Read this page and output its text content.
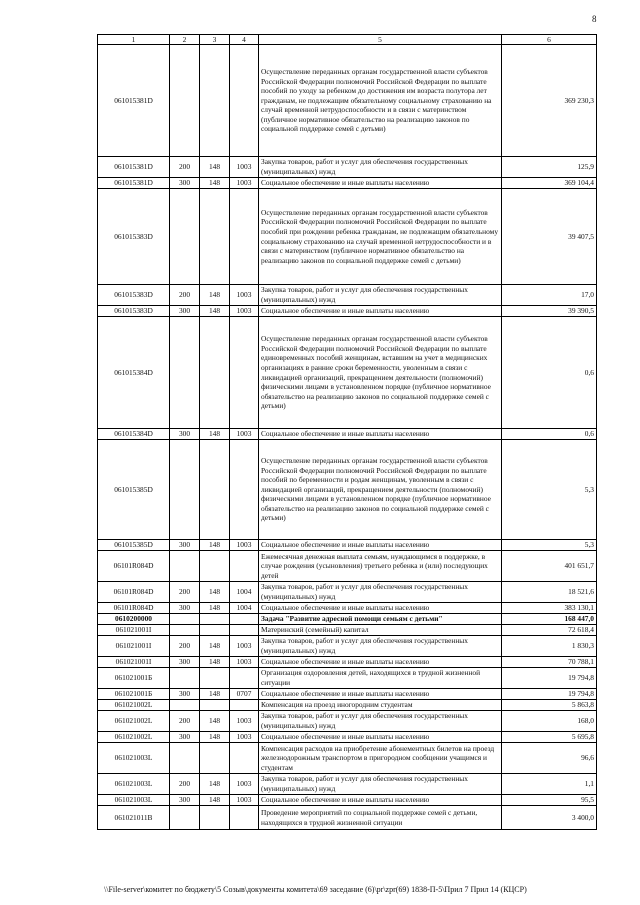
8
1	2	3	4	5	6
061015381D				Осуществление переданных органам государственной власти субъектов Российской Федерации полномочий Российской Федерации по выплате пособий по уходу за ребенком до достижения им возраста полутора лет гражданам, не подлежащим обязательному социальному страхованию на случай временной нетрудоспособности и в связи с материнством (публичное нормативное обязательство на реализацию законов по социальной поддержке семей с детьми)	369 230,3
061015381D	200	148	1003	Закупка товаров, работ и услуг для обеспечения государственных (муниципальных) нужд	125,9
061015381D	300	148	1003	Социальное обеспечение и иные выплаты населению	369 104,4
061015383D				Осуществление переданных органам государственной власти субъектов Российской Федерации полномочий Российской Федерации по выплате пособий при рождении ребенка гражданам, не подлежащим обязательному социальному страхованию на случай временной нетрудоспособности и в связи с материнством (публичное нормативное обязательство на реализацию законов по социальной поддержке семей с детьми)	39 407,5
061015383D	200	148	1003	Закупка товаров, работ и услуг для обеспечения государственных (муниципальных) нужд	17,0
061015383D	300	148	1003	Социальное обеспечение и иные выплаты населению	39 390,5
061015384D				Осуществление переданных органам государственной власти субъектов Российской Федерации полномочий Российской Федерации по выплате единовременных пособий женщинам, вставшим на учет в медицинских организациях в ранние сроки беременности, уволенным в связи с ликвидацией организаций, прекращением деятельности (полномочий) физическими лицами в установленном порядке (публичное нормативное обязательство на реализацию законов по социальной поддержке семей с детьми)	0,6
061015384D	300	148	1003	Социальное обеспечение и иные выплаты населению	0,6
061015385D				Осуществление переданных органам государственной власти субъектов Российской Федерации полномочий Российской Федерации по выплате пособий по беременности и родам женщинам, уволенным в связи с ликвидацией организаций, прекращением деятельности (полномочий) физическими лицами в установленном порядке (публичное нормативное обязательство на реализацию законов по социальной поддержке семей с детьми)	5,3
061015385D	300	148	1003	Социальное обеспечение и иные выплаты населению	5,3
06101R084D				Ежемесячная денежная выплата семьям, нуждающимся в поддержке, в случае рождения (усыновления) третьего ребенка и (или) последующих детей	401 651,7
06101R084D	200	148	1004	Закупка товаров, работ и услуг для обеспечения государственных (муниципальных) нужд	18 521,6
06101R084D	300	148	1004	Социальное обеспечение и иные выплаты населению	383 130,1
0610200000				Задача "Развитие адресной помощи семьям с детьми"	168 447,0
061021001I				Материнский (семейный) капитал	72 618,4
061021001I	200	148	1003	Закупка товаров, работ и услуг для обеспечения государственных (муниципальных) нужд	1 830,3
061021001I	300	148	1003	Социальное обеспечение и иные выплаты населению	70 788,1
061021001Б				Организация оздоровления детей, находящихся в трудной жизненной ситуации	19 794,8
061021001Б	300	148	0707	Социальное обеспечение и иные выплаты населению	19 794,8
061021002L				Компенсация на проезд иногородним студентам	5 863,8
061021002L	200	148	1003	Закупка товаров, работ и услуг для обеспечения государственных (муниципальных) нужд	168,0
061021002L	300	148	1003	Социальное обеспечение и иные выплаты населению	5 695,8
061021003L				Компенсация расходов на приобретение абонементных билетов на проезд железнодорожным транспортом в пригородном сообщении учащимся и студентам	96,6
061021003L	200	148	1003	Закупка товаров, работ и услуг для обеспечения государственных (муниципальных) нужд	1,1
061021003L	300	148	1003	Социальное обеспечение и иные выплаты населению	95,5
061021011B				Проведение мероприятий по социальной поддержке семей с детьми, находящихся в трудной жизненной ситуации	3 400,0
\\File-server\комитет по бюджету\5 Созыв\документы комитета\69 заседание (6)\pr\zpr(69) 1838-П-5\Прил 7 Прил 14 (КЦСР)
